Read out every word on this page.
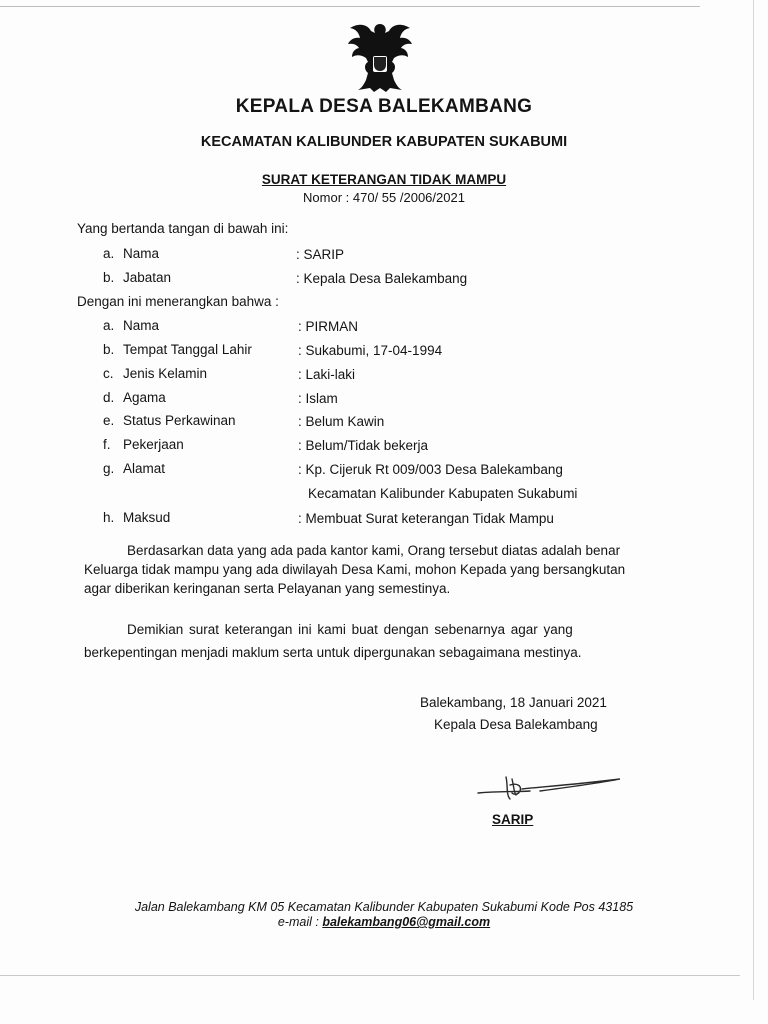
KEPALA DESA BALEKAMBANG
KECAMATAN KALIBUNDER KABUPATEN SUKABUMI
SURAT KETERANGAN TIDAK MAMPU
Nomor : 470/ 55 /2006/2021
Yang bertanda tangan di bawah ini:
a. Nama	: SARIP
b. Jabatan	: Kepala Desa Balekambang
Dengan ini menerangkan bahwa :
a. Nama	: PIRMAN
b. Tempat Tanggal Lahir	: Sukabumi, 17-04-1994
c. Jenis Kelamin	: Laki-laki
d. Agama	: Islam
e. Status Perkawinan	: Belum Kawin
f. Pekerjaan	: Belum/Tidak bekerja
g. Alamat	: Kp. Cijeruk Rt 009/003 Desa Balekambang
Kecamatan Kalibunder Kabupaten Sukabumi
h. Maksud	: Membuat Surat keterangan Tidak Mampu
Berdasarkan data yang ada pada kantor kami, Orang tersebut diatas adalah benar
Keluarga tidak mampu yang ada diwilayah Desa Kami, mohon Kepada yang bersangkutan
agar diberikan keringanan serta Pelayanan yang semestinya.
Demikian surat keterangan ini kami buat dengan sebenarnya agar yang
berkepentingan menjadi maklum serta untuk dipergunakan sebagaimana mestinya.
Balekambang, 18 Januari 2021
Kepala Desa Balekambang
SARIP
Jalan Balekambang KM 05 Kecamatan Kalibunder Kabupaten Sukabumi Kode Pos 43185
e-mail : balekambang06@gmail.com
